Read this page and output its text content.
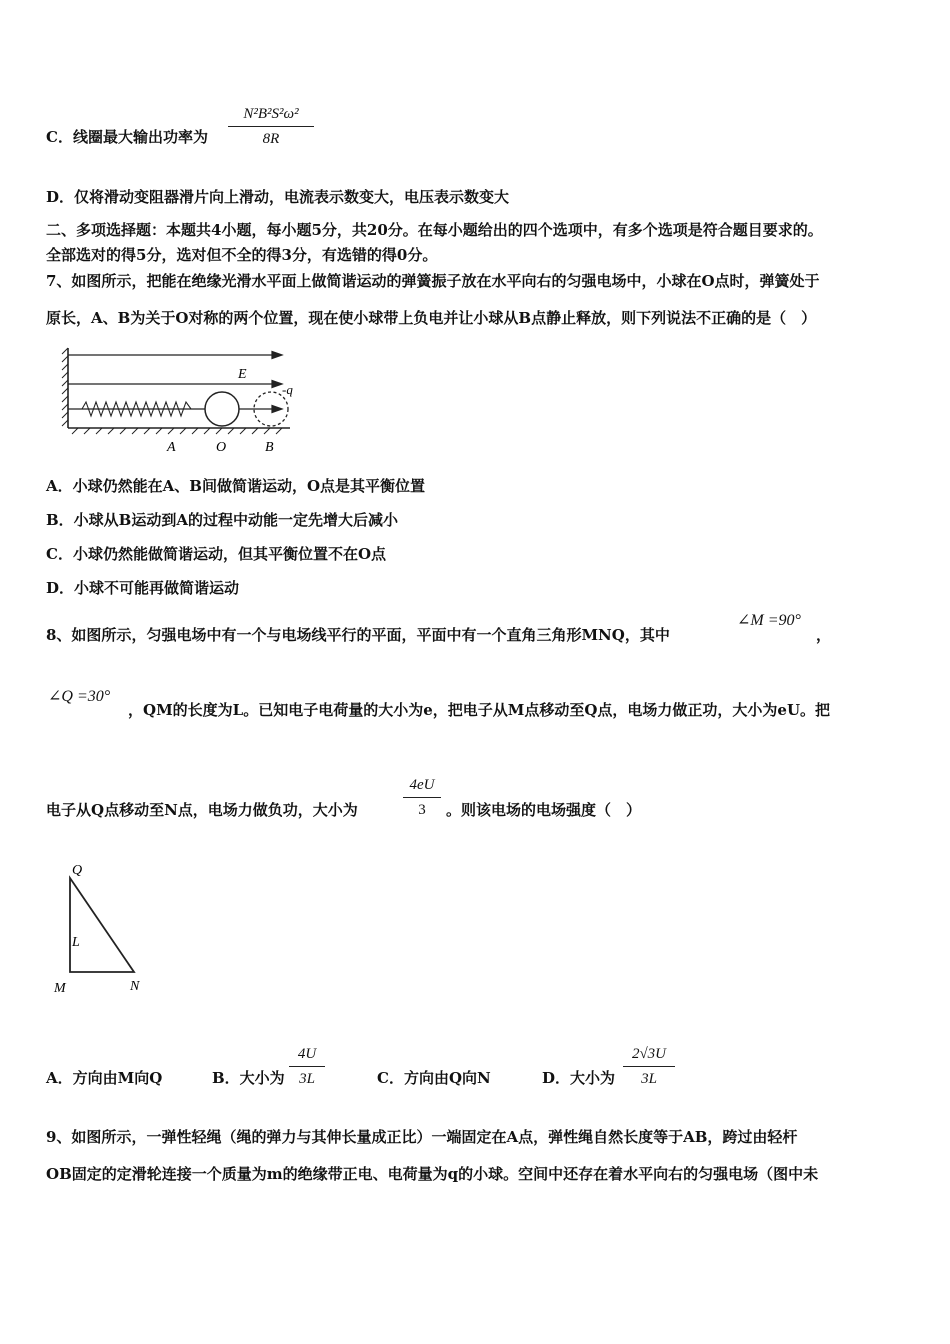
C．线圈最大输出功率为
N²B²S²ω²
8R
D．仅将滑动变阻器滑片向上滑动，电流表示数变大，电压表示数变大
二、多项选择题：本题共4小题，每小题5分，共20分。在每小题给出的四个选项中，有多个选项是符合题目要求的。
全部选对的得5分，选对但不全的得3分，有选错的得0分。
7、如图所示，把能在绝缘光滑水平面上做简谐运动的弹簧振子放在水平向右的匀强电场中，小球在O点时，弹簧处于
原长，A、B为关于O对称的两个位置，现在使小球带上负电并让小球从B点静止释放，则下列说法不正确的是（　）
E
-q
A	O	B
A．小球仍然能在A、B间做简谐运动，O点是其平衡位置
B．小球从B运动到A的过程中动能一定先增大后减小
C．小球仍然能做简谐运动，但其平衡位置不在O点
D．小球不可能再做简谐运动
8、如图所示，匀强电场中有一个与电场线平行的平面，平面中有一个直角三角形MNQ，其中
∠M =90°
，
∠Q =30°
，QM的长度为L。已知电子电荷量的大小为e，把电子从M点移动至Q点，电场力做正功，大小为eU。把
电子从Q点移动至N点，电场力做负功，大小为
4eU
3	。则该电场的电场强度（　）
Q
L
M	N
A．方向由M向Q	B．大小为
4U
3L	C．方向由Q向N	D．大小为
2√3U
3L
9、如图所示，一弹性轻绳（绳的弹力与其伸长量成正比）一端固定在A点，弹性绳自然长度等于AB，跨过由轻杆
OB固定的定滑轮连接一个质量为m的绝缘带正电、电荷量为q的小球。空间中还存在着水平向右的匀强电场（图中未
